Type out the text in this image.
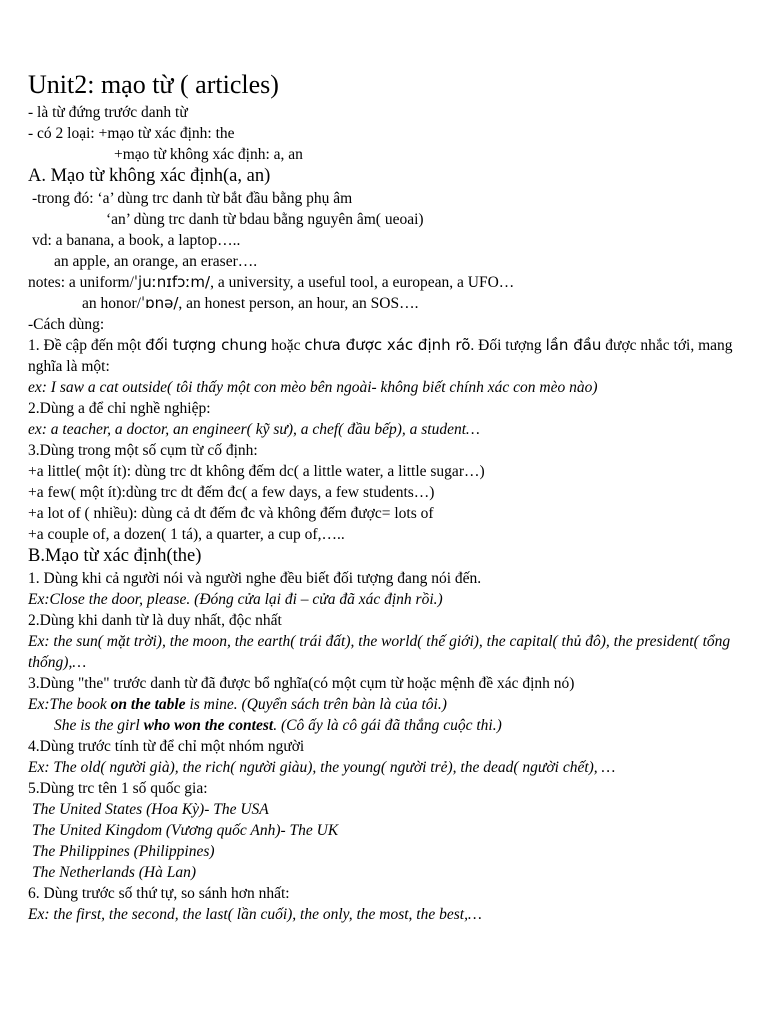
Unit2: mạo từ ( articles)
- là từ đứng trước danh từ
- có 2 loại: +mạo từ xác định: the
+mạo từ không xác định: a, an
A. Mạo từ không xác định(a, an)
-trong đó: ‘a’ dùng trc danh từ bắt đầu bằng phụ âm
‘an’ dùng trc danh từ bdau bằng nguyên âm( ueoai)
vd: a banana, a book, a laptop…..
an apple, an orange, an eraser….
notes: a uniform/ˈjuːnɪfɔːm/, a university, a useful tool, a european, a UFO…
an honor/ˈɒnə/, an honest person, an hour, an SOS….
-Cách dùng:
1. Đề cập đến một đối tượng chung hoặc chưa được xác định rõ. Đối tượng lần đầu được nhắc tới, mang nghĩa là một:
ex: I saw a cat outside( tôi thấy một con mèo bên ngoài- không biết chính xác con mèo nào)
2.Dùng a để chỉ nghề nghiệp:
ex: a teacher, a doctor, an engineer( kỹ sư), a chef( đầu bếp), a student…
3.Dùng trong một số cụm từ cố định:
+a little( một ít): dùng trc dt không đếm dc( a little water, a little sugar…)
+a few( một ít):dùng trc dt đếm đc( a few days, a few students…)
+a lot of ( nhiều): dùng cả dt đếm đc và không đếm được= lots of
+a couple of, a dozen( 1 tá), a quarter, a cup of,…..
B.Mạo từ xác định(the)
1. Dùng khi cả người nói và người nghe đều biết đối tượng đang nói đến.
Ex:Close the door, please. (Đóng cửa lại đi – cửa đã xác định rồi.)
2.Dùng khi danh từ là duy nhất, độc nhất
Ex: the sun( mặt trời), the moon, the earth( trái đất), the world( thế giới), the capital( thủ đô), the president( tổng thống),…
3.Dùng "the" trước danh từ đã được bổ nghĩa(có một cụm từ hoặc mệnh đề xác định nó)
Ex:The book on the table is mine. (Quyển sách trên bàn là của tôi.)
She is the girl who won the contest. (Cô ấy là cô gái đã thắng cuộc thi.)
4.Dùng trước tính từ để chỉ một nhóm người
Ex: The old( người già), the rich( người giàu), the young( người trẻ), the dead( người chết), …
5.Dùng trc tên 1 số quốc gia:
The United States (Hoa Kỳ)- The USA
The United Kingdom (Vương quốc Anh)- The UK
The Philippines (Philippines)
The Netherlands (Hà Lan)
6. Dùng trước số thứ tự, so sánh hơn nhất:
Ex: the first, the second, the last( lần cuối), the only, the most, the best,…
